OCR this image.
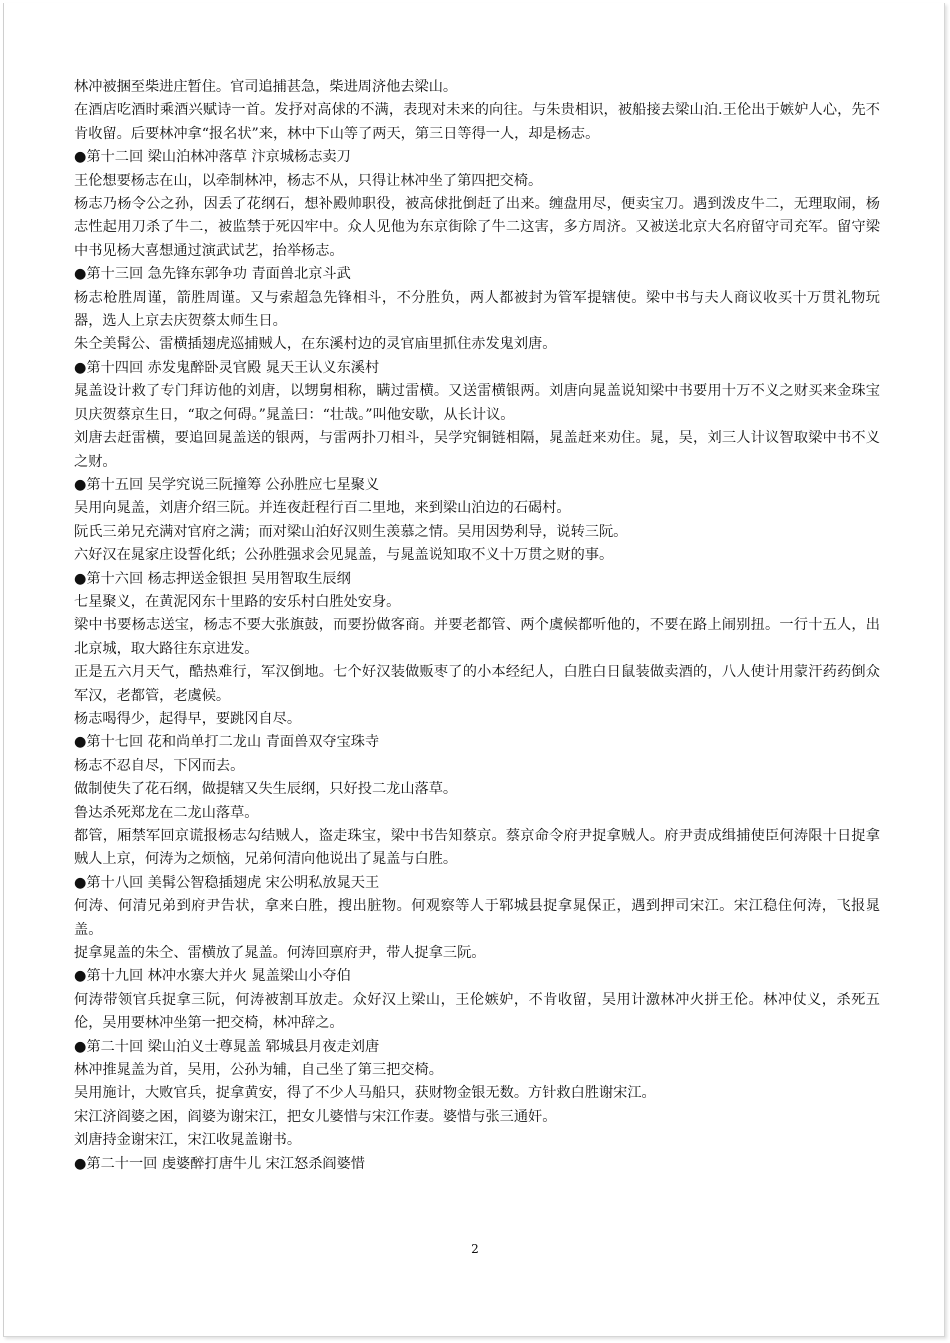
林冲被捆至柴进庄暂住。官司追捕甚急，柴进周济他去梁山。

在酒店吃酒时乘酒兴赋诗一首。发抒对高俅的不满，表现对未来的向往。与朱贵相识，被船接去梁山泊.王伦出于嫉妒人心，先不肯收留。后要林冲拿“报名状”来，林中下山等了两天，第三日等得一人，却是杨志。

●第十二回 梁山泊林冲落草 汴京城杨志卖刀

王伦想要杨志在山，以牵制林冲，杨志不从，只得让林冲坐了第四把交椅。

杨志乃杨令公之孙，因丢了花纲石，想补殿帅职役，被高俅批倒赶了出来。缠盘用尽，便卖宝刀。遇到泼皮牛二，无理取闹，杨志性起用刀杀了牛二，被监禁于死囚牢中。众人见他为东京街除了牛二这害，多方周济。又被送北京大名府留守司充军。留守梁中书见杨大喜想通过演武试艺，抬举杨志。

●第十三回 急先锋东郭争功 青面兽北京斗武

杨志枪胜周谨，箭胜周谨。又与索超急先锋相斗，不分胜负，两人都被封为管军提辖使。梁中书与夫人商议收买十万贯礼物玩器，选人上京去庆贺蔡太师生日。

朱仝美髯公、雷横插翅虎巡捕贼人，在东溪村边的灵官庙里抓住赤发鬼刘唐。

●第十四回 赤发鬼醉卧灵官殿 晁天王认义东溪村

晁盖设计救了专门拜访他的刘唐，以甥舅相称，瞒过雷横。又送雷横银两。刘唐向晁盖说知梁中书要用十万不义之财买来金珠宝贝庆贺蔡京生日，“取之何碍。”晁盖曰：“壮哉。”叫他安歇，从长计议。

刘唐去赶雷横，要追回晁盖送的银两，与雷两扑刀相斗，吴学究铜链相隔，晁盖赶来劝住。晁，吴，刘三人计议智取梁中书不义之财。

●第十五回 吴学究说三阮撞筹 公孙胜应七星聚义

吴用向晁盖，刘唐介绍三阮。并连夜赶程行百二里地，来到梁山泊边的石碣村。

阮氏三弟兄充满对官府之满；而对梁山泊好汉则生羡慕之情。吴用因势利导，说转三阮。

六好汉在晁家庄设誓化纸；公孙胜强求会见晁盖，与晁盖说知取不义十万贯之财的事。

●第十六回 杨志押送金银担 吴用智取生辰纲

七星聚义，在黄泥冈东十里路的安乐村白胜处安身。

梁中书要杨志送宝，杨志不要大张旗鼓，而要扮做客商。并要老都管、两个虞候都听他的，不要在路上闹别扭。一行十五人，出北京城，取大路往东京进发。

正是五六月天气，酷热难行，军汉倒地。七个好汉装做贩枣了的小本经纪人，白胜白日鼠装做卖酒的，八人使计用蒙汗药药倒众军汉，老都管，老虞候。

杨志喝得少，起得早，要跳冈自尽。

●第十七回 花和尚单打二龙山 青面兽双夺宝珠寺

杨志不忍自尽，下冈而去。

做制使失了花石纲，做提辖又失生辰纲，只好投二龙山落草。

鲁达杀死郑龙在二龙山落草。

都管，厢禁军回京谎报杨志勾结贼人，盗走珠宝，梁中书告知蔡京。蔡京命令府尹捉拿贼人。府尹责成缉捕使臣何涛限十日捉拿贼人上京，何涛为之烦恼，兄弟何清向他说出了晁盖与白胜。

●第十八回 美髯公智稳插翅虎 宋公明私放晁天王

何涛、何清兄弟到府尹告状，拿来白胜，搜出脏物。何观察等人于郓城县捉拿晁保正，遇到押司宋江。宋江稳住何涛，飞报晁盖。

捉拿晁盖的朱仝、雷横放了晁盖。何涛回禀府尹，带人捉拿三阮。

●第十九回 林冲水寨大并火 晁盖梁山小夺伯

何涛带领官兵捉拿三阮，何涛被割耳放走。众好汉上梁山，王伦嫉妒，不肯收留，吴用计激林冲火拼王伦。林冲仗义，杀死五伦，吴用要林冲坐第一把交椅，林冲辞之。

●第二十回 梁山泊义士尊晁盖 郓城县月夜走刘唐

林冲推晁盖为首，吴用，公孙为辅，自己坐了第三把交椅。

吴用施计，大败官兵，捉拿黄安，得了不少人马船只，获财物金银无数。方针救白胜谢宋江。

宋江济阎婆之困，阎婆为谢宋江，把女儿婆惜与宋江作妻。婆惜与张三通奸。

刘唐持金谢宋江，宋江收晁盖谢书。

●第二十一回 虔婆醉打唐牛儿 宋江怒杀阎婆惜

2
